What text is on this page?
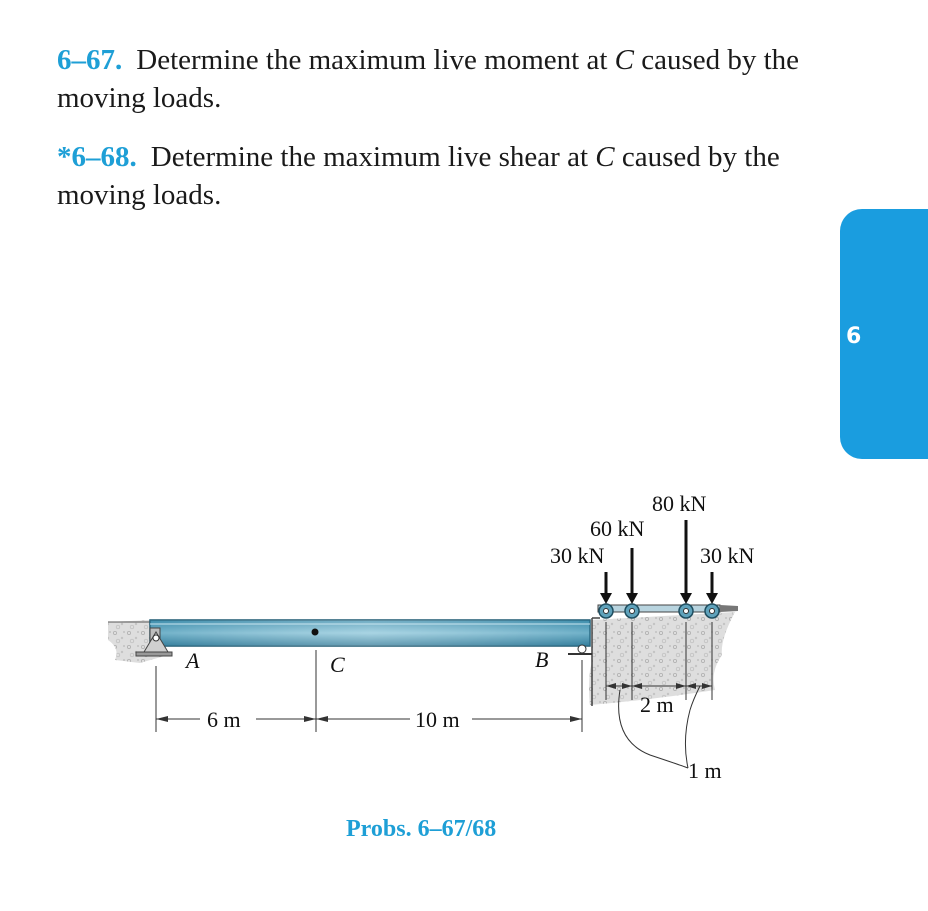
6–67. Determine the maximum live moment at C caused by the moving loads.
*6–68. Determine the maximum live shear at C caused by the moving loads.
6
30 kN
60 kN
80 kN
30 kN
A	C	B
6 m	10 m
2 m
1 m
Probs. 6–67/68
